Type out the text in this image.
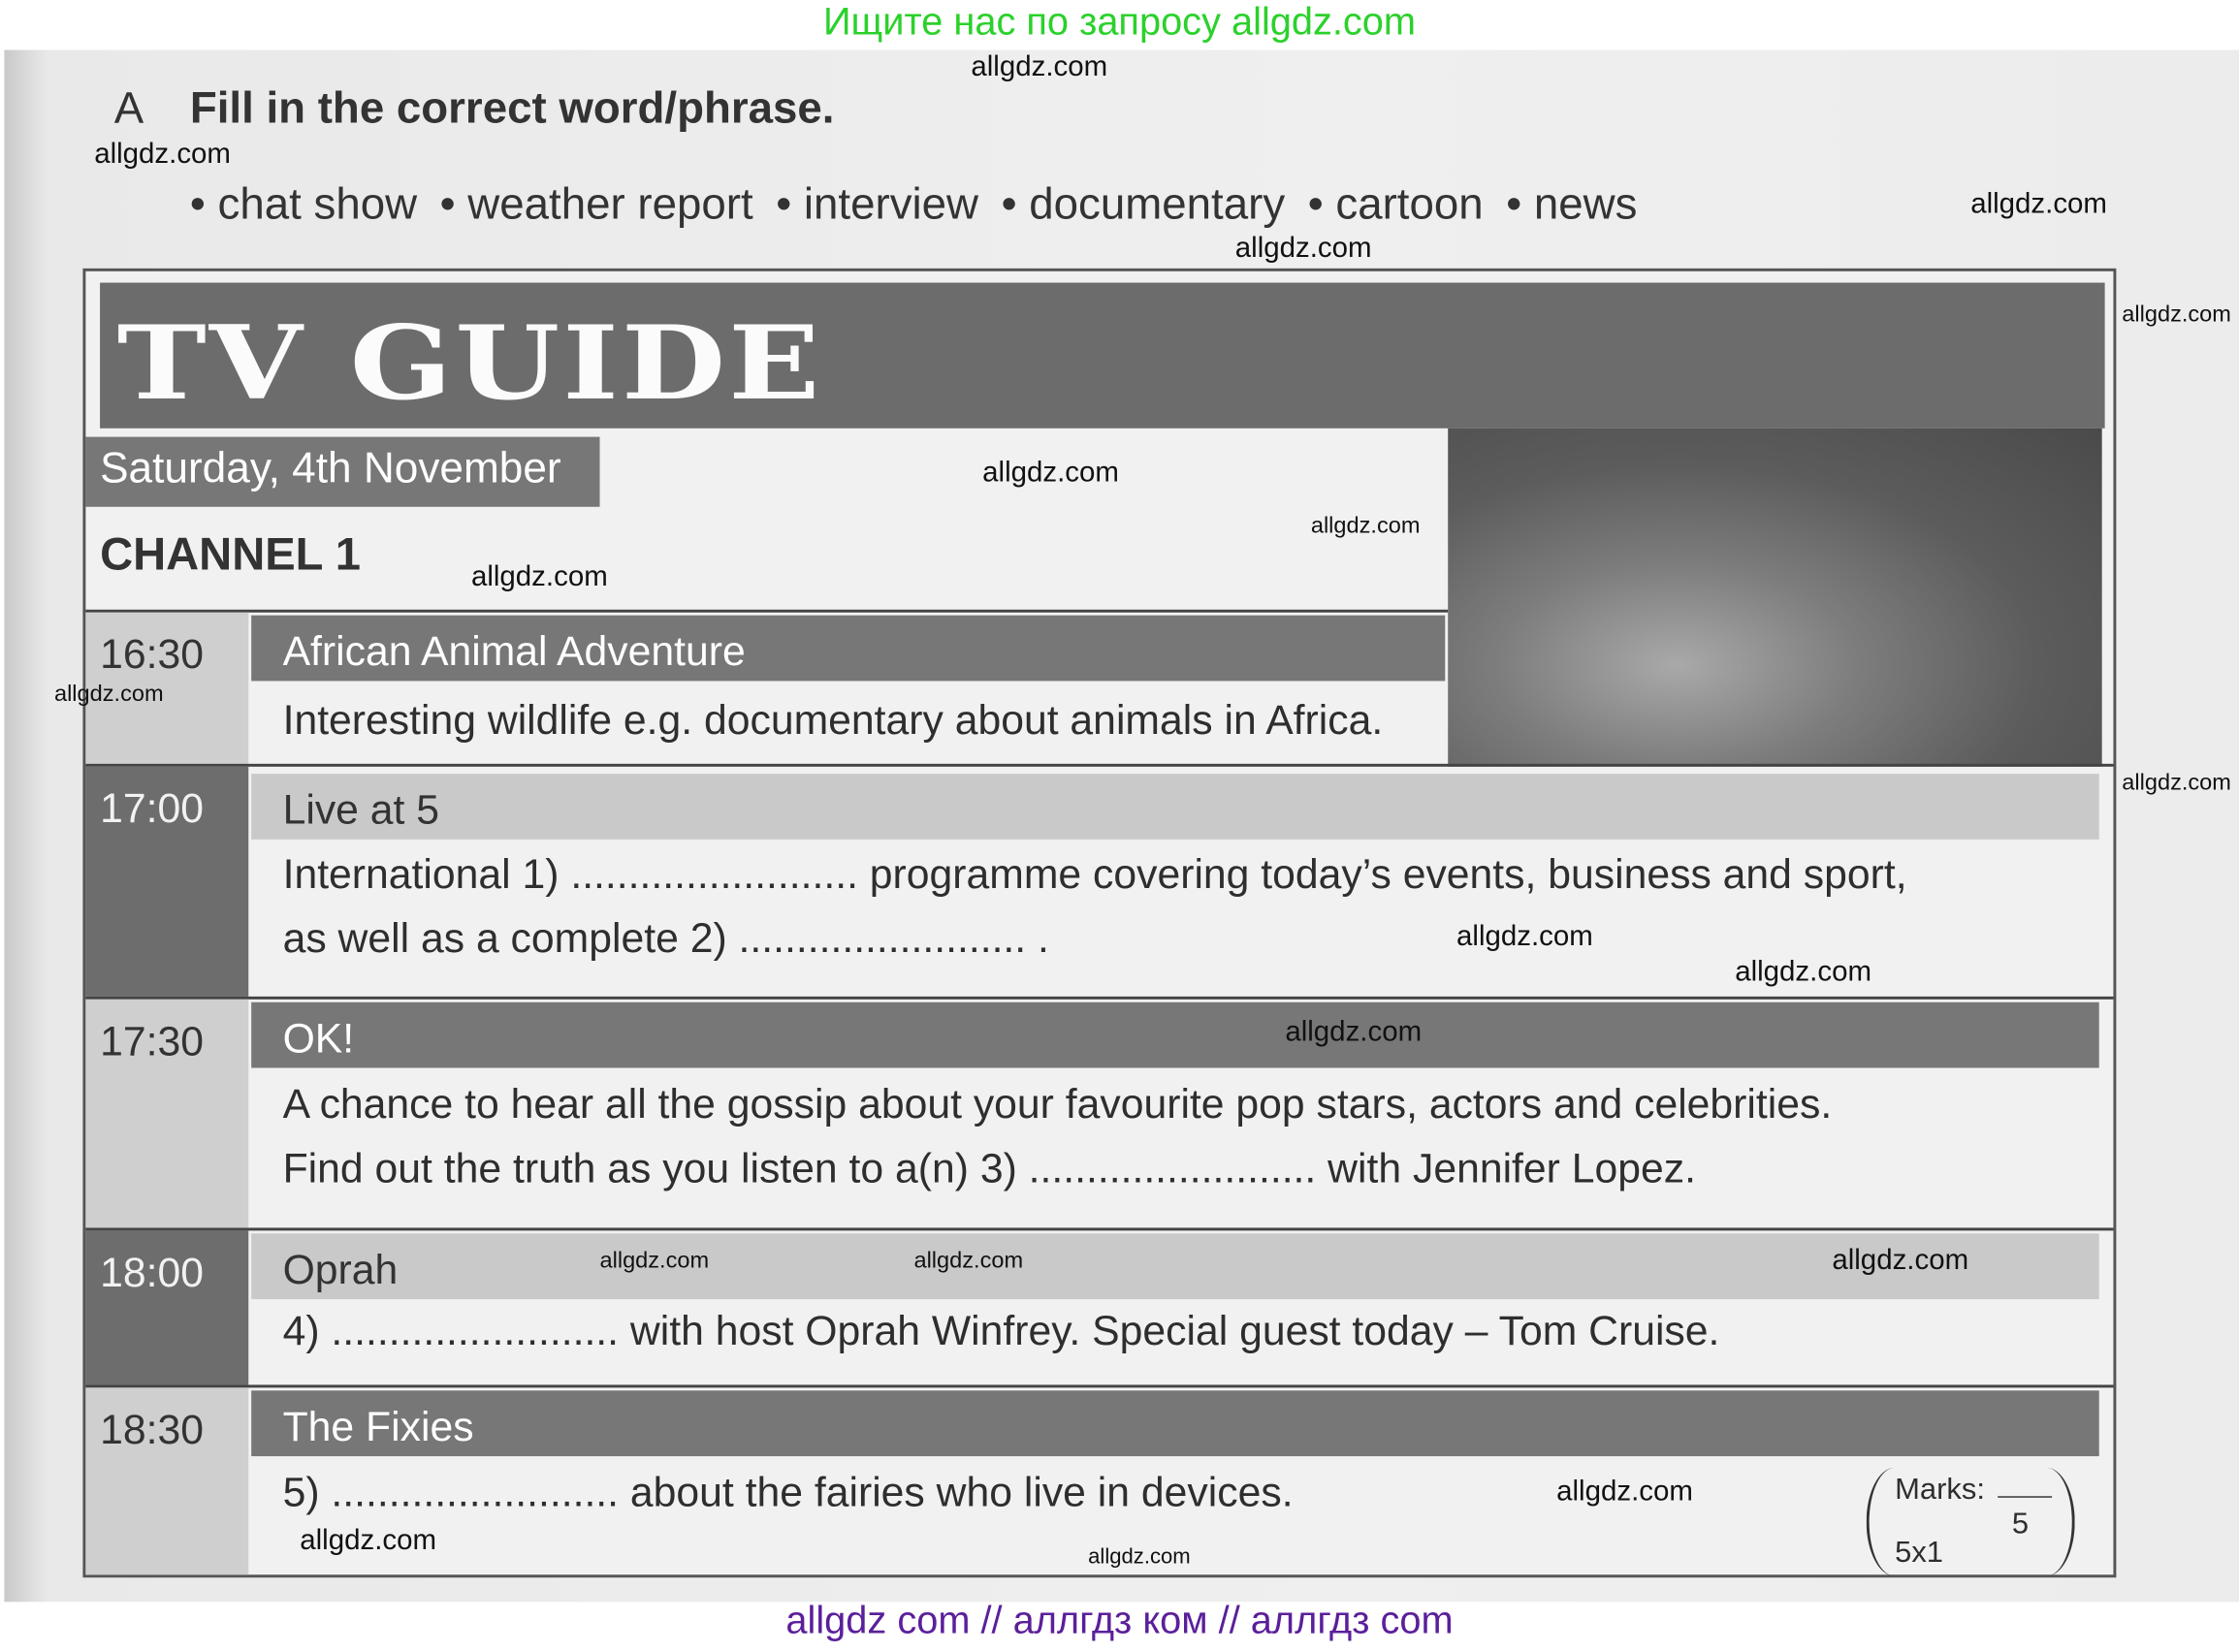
Ищите нас по запросу allgdz.com
A Fill in the correct word/phrase.
• chat show • weather report • interview • documentary • cartoon • news
TV GUIDE
Saturday, 4th November
CHANNEL 1
16:30	African Animal Adventure
Interesting wildlife e.g. documentary about animals in Africa.
17:00	Live at 5
International 1) ......................... programme covering today’s events, business and sport,
as well as a complete 2) ......................... .
17:30	OK!
A chance to hear all the gossip about your favourite pop stars, actors and celebrities.
Find out the truth as you listen to a(n) 3) ......................... with Jennifer Lopez.
18:00	Oprah
4) ......................... with host Oprah Winfrey. Special guest today – Tom Cruise.
18:30	The Fixies
5) ......................... about the fairies who live in devices.	Marks:
5
5x1
allgdz.com
allgdz.com
allgdz.com
allgdz.com
allgdz.com
allgdz.com
allgdz.com
allgdz.com
allgdz.com
allgdz.com
allgdz.com
allgdz.com
allgdz.com
allgdz.com
allgdz.com	allgdz.com
allgdz.com
allgdz.com
allgdz.com
allgdz com // аллгдз ком // аллгдз com
